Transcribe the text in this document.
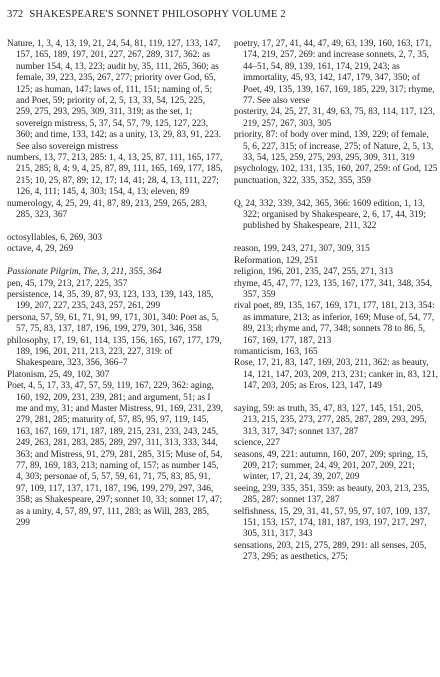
372 SHAKESPEARE'S SONNET PHILOSOPHY VOLUME 2
Nature, 1, 3, 4, 13, 19, 21, 24, 54, 81, 119, 127, 133, 147, 157, 165, 189, 197, 201, 227, 267, 289, 317, 362: as number 154, 4, 13, 223; audit by, 35, 111, 265, 360; as female, 39, 223, 235, 267, 277; priority over God, 65, 125; as human, 147; laws of, 111, 151; naming of, 5; and Poet, 59; priority of, 2, 5, 13, 33, 54, 125, 225, 259, 275, 293, 295, 309, 311, 319; as the set, 1; sovereign mistress, 5, 37, 54, 57, 79, 125, 127, 223, 360; and time, 133, 142; as a unity, 13, 29, 83, 91, 223. See also sovereign mistress
numbers, 13, 77, 213, 285: 1, 4, 13, 25, 87, 111, 165, 177, 215, 285; 8, 4; 9, 4, 25, 87, 89, 111, 165, 169, 177, 185, 215; 10, 25, 87, 89; 12, 17; 14, 41; 28, 4, 13, 111, 227; 126, 4, 111; 145, 4, 303; 154, 4, 13; eleven, 89
numerology, 4, 25, 29, 41, 87, 89, 213, 259, 265, 283, 285, 323, 367
octosyllables, 6, 269, 303
octave, 4, 29, 269
Passionate Pilgrim, The, 3, 211, 355, 364
pen, 45, 179, 213, 217, 225, 357
persistence, 14, 35, 39, 87, 93, 123, 133, 139, 143, 185, 199, 207, 227, 235, 243, 257, 261, 299
persona, 57, 59, 61, 71, 91, 99, 171, 301, 340: Poet as, 5, 57, 75, 83, 137, 187, 196, 199, 279, 301, 346, 358
philosophy, 17, 19, 61, 114, 135, 156, 165, 167, 177, 179, 189, 196, 201, 211, 213, 223, 227, 319: of Shakespeare, 323, 356, 366–7
Platonism, 25, 49, 102, 307
Poet, 4, 5, 17, 33, 47, 57, 59, 119, 167, 229, 362: aging, 160, 192, 209, 231, 239, 281; and argument, 51; as I me and my, 31; and Master Mistress, 91, 169, 231, 239, 279, 281, 285; maturity of, 57, 85, 95, 97, 119, 145, 163, 167, 169, 171, 187, 189, 215, 231, 233, 243, 245, 249, 263, 281, 283, 285, 289, 297, 311, 313, 333, 344, 363; and Mistress, 91, 279, 281, 285, 315; Muse of, 54, 77, 89, 169, 183, 213; naming of, 157; as number 145, 4, 303; personae of, 5, 57, 59, 61, 71, 75, 83, 85, 91, 97, 109, 117, 137, 171, 187, 196, 199, 279, 297, 346, 358; as Shakespeare, 297; sonnet 10, 33; sonnet 17, 47; as a unity, 4, 57, 89, 97, 111, 283; as Will, 283, 285, 299
poetry, 17, 27, 41, 44, 47, 49, 63, 139, 160, 163, 171, 174, 219, 257, 269: and increase sonnets, 2, 7, 35, 44–51, 54, 89, 139, 161, 174, 219, 243; as immortality, 45, 93, 142, 147, 179, 347, 350; of Poet, 49, 135, 139, 167, 169, 185, 229, 317; rhyme, 77. See also verse
posterity, 24, 25, 27, 31, 49, 63, 75, 83, 114, 117, 123, 219, 257, 267, 303, 305
priority, 87: of body over mind, 139, 229; of female, 5, 6, 227, 315; of increase, 275; of Nature, 2, 5, 13, 33, 54, 125, 259, 275, 293, 295, 309, 311, 319
psychology, 102, 131, 135, 160, 207, 259: of God, 125
punctuation, 322, 335, 352, 355, 359
Q, 24, 332, 339, 342, 365, 366: 1609 edition, 1, 13, 322; organised by Shakespeare, 2, 6, 17, 44, 319; published by Shakespeare, 211, 322
reason, 199, 243, 271, 307, 309, 315
Reformation, 129, 251
religion, 196, 201, 235, 247, 255, 271, 313
rhyme, 45, 47, 77, 123, 135, 167, 177, 341, 348, 354, 357, 359
rival poet, 89, 135, 167, 169, 171, 177, 181, 213, 354: as immature, 213; as inferior, 169; Muse of, 54, 77, 89, 213; rhyme and, 77, 348; sonnets 78 to 86, 5, 167, 169, 177, 187, 213
romanticism, 163, 165
Rose, 17, 21, 83, 147, 169, 203, 211, 362: as beauty, 14, 121, 147, 203, 209, 213, 231; canker in, 83, 121, 147, 203, 205; as Eros, 123, 147, 149
saying, 59: as truth, 35, 47, 83, 127, 145, 151, 205, 213, 215, 235, 273, 277, 285, 287, 289, 293, 295, 313, 317, 347; sonnet 137, 287
science, 227
seasons, 49, 221: autumn, 160, 207, 209; spring, 15, 209, 217; summer, 24, 49, 201, 207, 209, 221; winter, 17, 21, 24, 39, 207, 209
seeing, 239, 335, 351, 359: as beauty, 203, 213, 235, 285, 287; sonnet 137, 287
selfishness, 15, 29, 31, 41, 57, 95, 97, 107, 109, 137, 151, 153, 157, 174, 181, 187, 193, 197, 217, 297, 305, 311, 317, 343
sensations, 203, 215, 275, 289, 291: all senses, 205, 273, 295; as aesthetics, 275;
